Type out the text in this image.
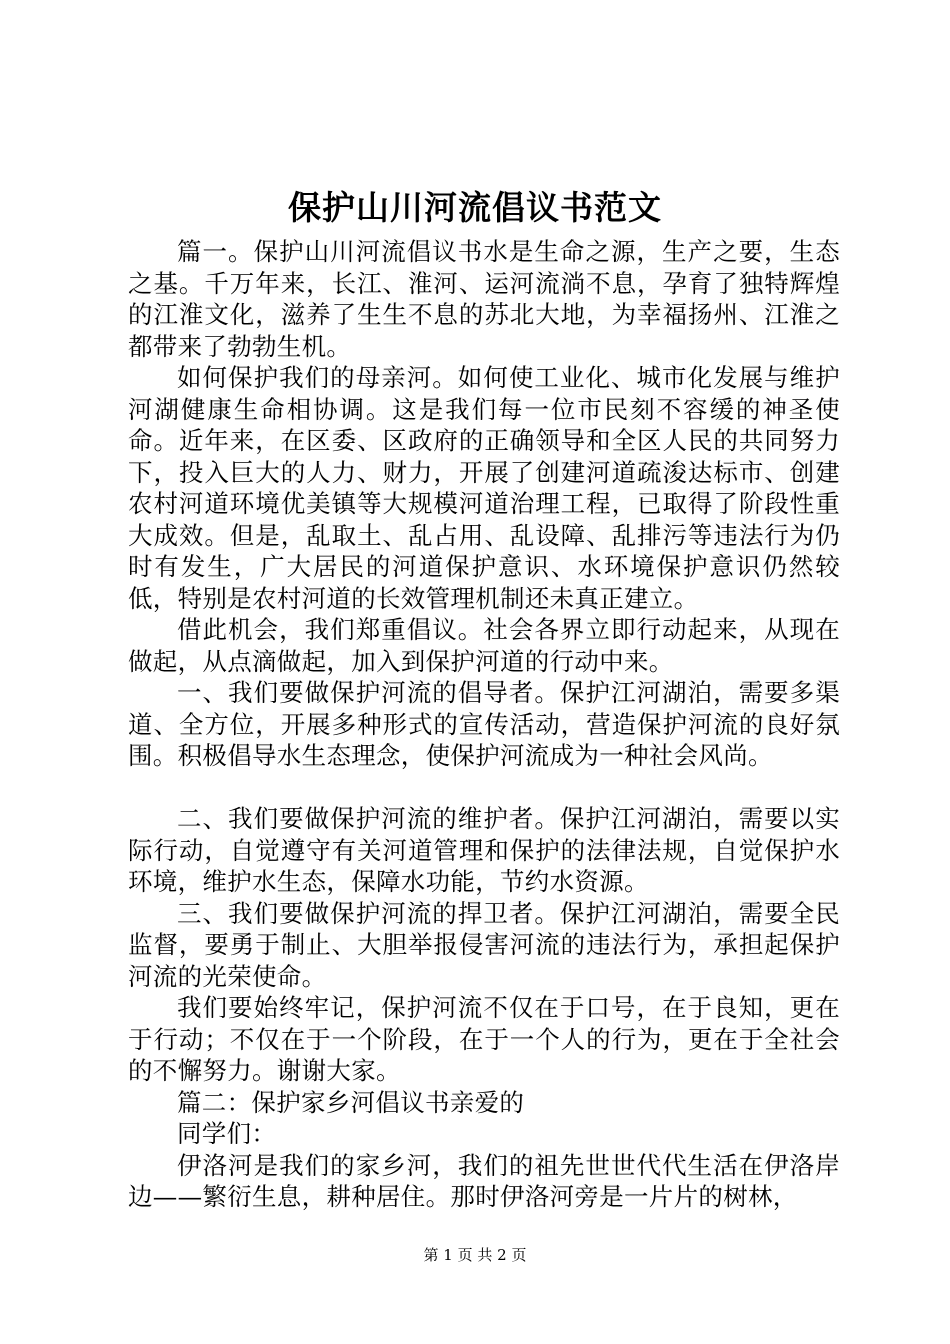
保护山川河流倡议书范文

篇一。保护山川河流倡议书水是生命之源，生产之要，生态之基。千万年来，长江、淮河、运河流淌不息，孕育了独特辉煌的江淮文化，滋养了生生不息的苏北大地，为幸福扬州、江淮之都带来了勃勃生机。

如何保护我们的母亲河。如何使工业化、城市化发展与维护河湖健康生命相协调。这是我们每一位市民刻不容缓的神圣使命。近年来，在区委、区政府的正确领导和全区人民的共同努力下，投入巨大的人力、财力，开展了创建河道疏浚达标市、创建农村河道环境优美镇等大规模河道治理工程，已取得了阶段性重大成效。但是，乱取土、乱占用、乱设障、乱排污等违法行为仍时有发生，广大居民的河道保护意识、水环境保护意识仍然较低，特别是农村河道的长效管理机制还未真正建立。

借此机会，我们郑重倡议。社会各界立即行动起来，从现在做起，从点滴做起，加入到保护河道的行动中来。

一、我们要做保护河流的倡导者。保护江河湖泊，需要多渠道、全方位，开展多种形式的宣传活动，营造保护河流的良好氛围。积极倡导水生态理念，使保护河流成为一种社会风尚。

二、我们要做保护河流的维护者。保护江河湖泊，需要以实际行动，自觉遵守有关河道管理和保护的法律法规，自觉保护水环境，维护水生态，保障水功能，节约水资源。

三、我们要做保护河流的捍卫者。保护江河湖泊，需要全民监督，要勇于制止、大胆举报侵害河流的违法行为，承担起保护河流的光荣使命。

我们要始终牢记，保护河流不仅在于口号，在于良知，更在于行动；不仅在于一个阶段，在于一个人的行为，更在于全社会的不懈努力。谢谢大家。

篇二：保护家乡河倡议书亲爱的

同学们：

伊洛河是我们的家乡河，我们的祖先世世代代生活在伊洛岸边——繁衍生息，耕种居住。那时伊洛河旁是一片片的树林，

第 1 页 共 2 页
